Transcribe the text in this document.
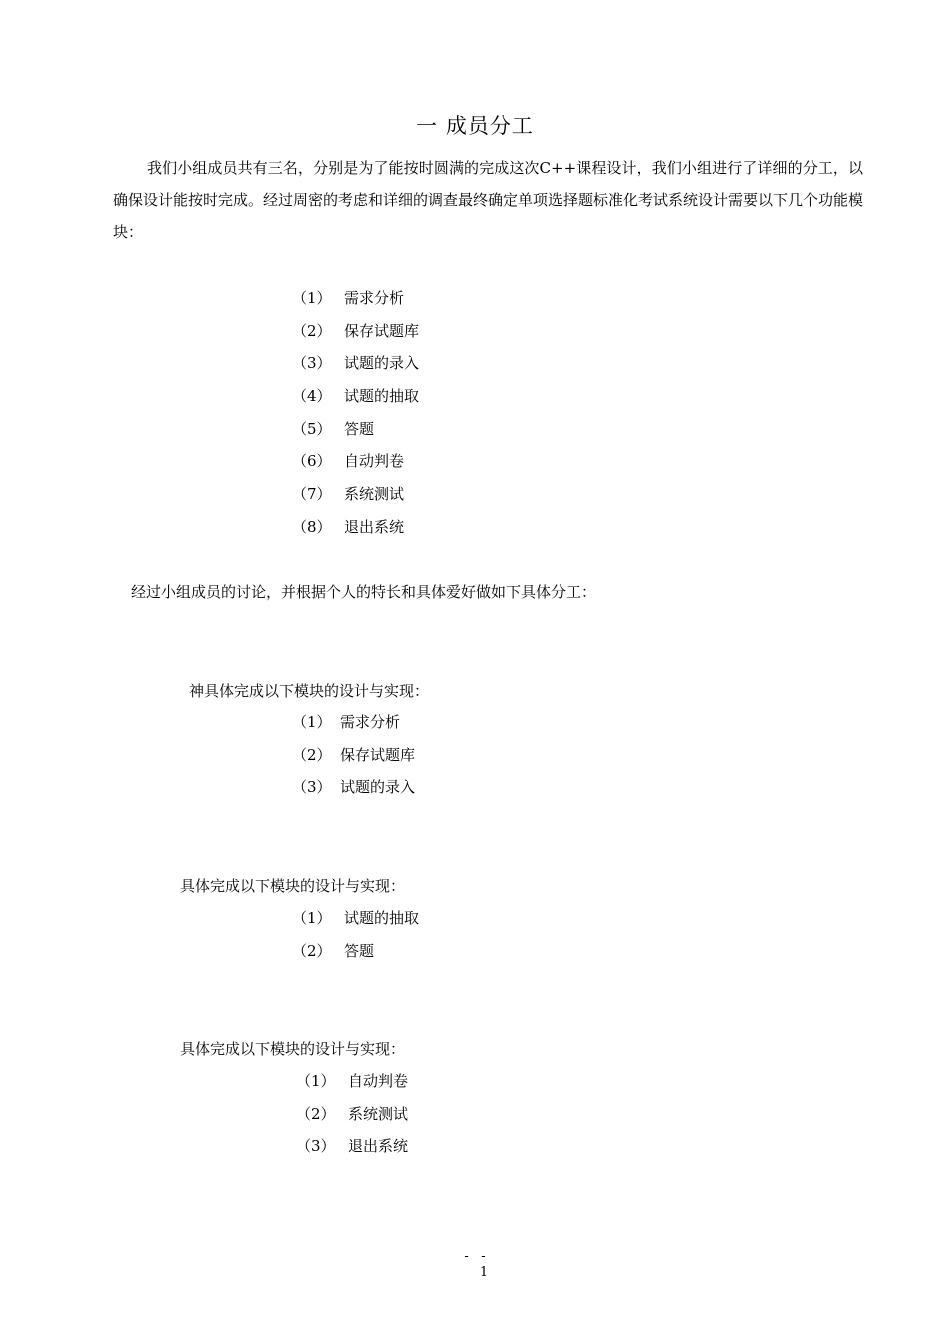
一 成员分工
我们小组成员共有三名，分别是为了能按时圆满的完成这次C++课程设计，我们小组进行了详细的分工，以确保设计能按时完成。经过周密的考虑和详细的调查最终确定单项选择题标准化考试系统设计需要以下几个功能模块：
（1） 需求分析
（2） 保存试题库
（3） 试题的录入
（4） 试题的抽取
（5） 答题
（6） 自动判卷
（7） 系统测试
（8） 退出系统
经过小组成员的讨论，并根据个人的特长和具体爱好做如下具体分工：
神具体完成以下模块的设计与实现：
（1） 需求分析
（2） 保存试题库
（3） 试题的录入
具体完成以下模块的设计与实现：
（1） 试题的抽取
（2） 答题
具体完成以下模块的设计与实现：
（1） 自动判卷
（2） 系统测试
（3） 退出系统
-   -
1
